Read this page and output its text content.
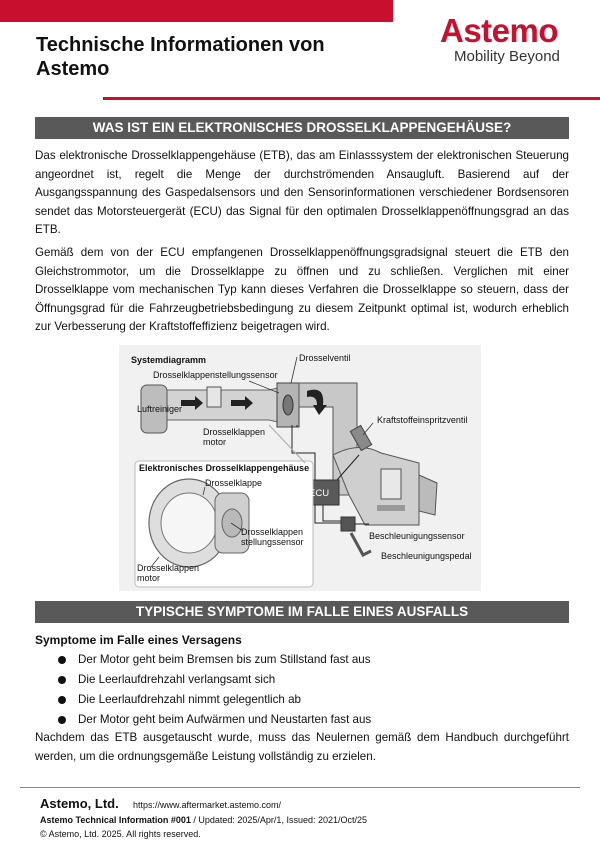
Technische Informationen von
Astemo
Astemo
Mobility Beyond
WAS IST EIN ELEKTRONISCHES DROSSELKLAPPENGEHÄUSE?

Das elektronische Drosselklappengehäuse (ETB), das am Einlasssystem der elektronischen Steuerung angeordnet ist, regelt die Menge der durchströmenden Ansaugluft. Basierend auf der Ausgangsspannung des Gaspedalsensors und den Sensorinformationen verschiedener Bordsensoren sendet das Motorsteuergerät (ECU) das Signal für den optimalen Drosselklappenöffnungsgrad an das ETB.

Gemäß dem von der ECU empfangenen Drosselklappenöffnungsgradsignal steuert die ETB den Gleichstrommotor, um die Drosselklappe zu öffnen und zu schließen. Verglichen mit einer Drosselklappe vom mechanischen Typ kann dieses Verfahren die Drosselklappe so steuern, dass der Öffnungsgrad für die Fahrzeugbetriebsbedingung zu diesem Zeitpunkt optimal ist, wodurch erheblich zur Verbesserung der Kraftstoffeffizienz beigetragen wird.

Systemdiagramm	Drosselventil
Drosselklappenstellungssensor
Luftreiniger
Drosselklappen motor
Kraftstoffeinspritzventil
Elektronisches Drosselklappengehäuse
Drosselklappe
ECU
Drosselklappen stellungssensor
Drosselklappen motor
Beschleunigungssensor
Beschleunigungspedal
TYPISCHE SYMPTOME IM FALLE EINES AUSFALLS
Symptome im Falle eines Versagens
Der Motor geht beim Bremsen bis zum Stillstand fast aus
Die Leerlaufdrehzahl verlangsamt sich
Die Leerlaufdrehzahl nimmt gelegentlich ab
Der Motor geht beim Aufwärmen und Neustarten fast aus

Nachdem das ETB ausgetauscht wurde, muss das Neulernen gemäß dem Handbuch durchgeführt werden, um die ordnungsgemäße Leistung vollständig zu erzielen.

Astemo, Ltd. https://www.aftermarket.astemo.com/
Astemo Technical Information #001 / Updated: 2025/Apr/1, Issued: 2021/Oct/25
© Astemo, Ltd. 2025. All rights reserved.
